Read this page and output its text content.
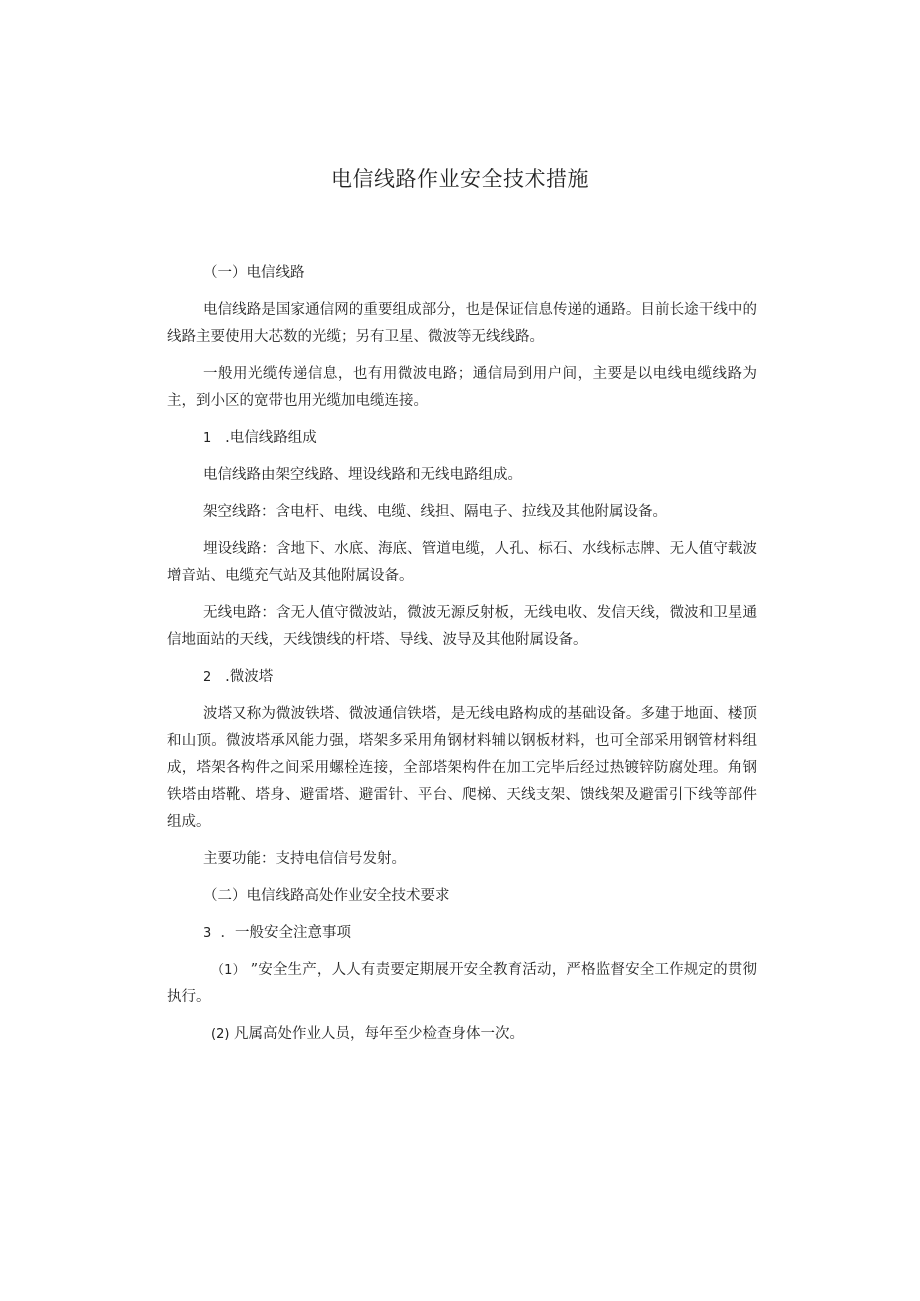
电信线路作业安全技术措施

（一）电信线路

电信线路是国家通信网的重要组成部分，也是保证信息传递的通路。目前长途干线中的线路主要使用大芯数的光缆；另有卫星、微波等无线线路。

一般用光缆传递信息，也有用微波电路；通信局到用户间，主要是以电线电缆线路为主，到小区的宽带也用光缆加电缆连接。

1 .电信线路组成

电信线路由架空线路、埋设线路和无线电路组成。

架空线路：含电杆、电线、电缆、线担、隔电子、拉线及其他附属设备。

埋设线路：含地下、水底、海底、管道电缆，人孔、标石、水线标志牌、无人值守载波增音站、电缆充气站及其他附属设备。

无线电路：含无人值守微波站，微波无源反射板，无线电收、发信天线，微波和卫星通信地面站的天线，天线馈线的杆塔、导线、波导及其他附属设备。

2 .微波塔

波塔又称为微波铁塔、微波通信铁塔，是无线电路构成的基础设备。多建于地面、楼顶和山顶。微波塔承风能力强，塔架多采用角钢材料辅以钢板材料，也可全部采用钢管材料组成，塔架各构件之间采用螺栓连接，全部塔架构件在加工完毕后经过热镀锌防腐处理。角钢铁塔由塔靴、塔身、避雷塔、避雷针、平台、爬梯、天线支架、馈线架及避雷引下线等部件组成。

主要功能：支持电信信号发射。

（二）电信线路高处作业安全技术要求

3 ．一般安全注意事项

（1） ”安全生产，人人有责要定期展开安全教育活动，严格监督安全工作规定的贯彻执行。

(2) 凡属高处作业人员，每年至少检查身体一次。
